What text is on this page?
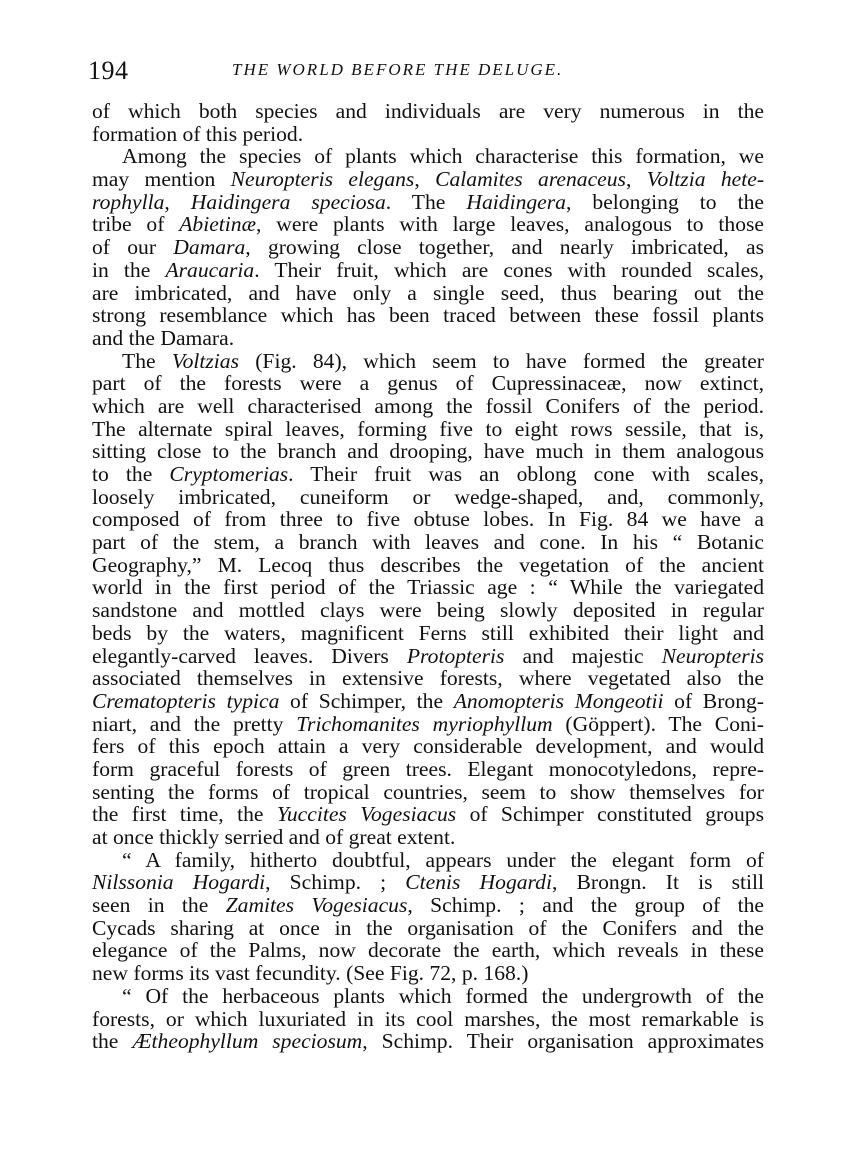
194	THE WORLD BEFORE THE DELUGE.
of which both species and individuals are very numerous in the
formation of this period.
Among the species of plants which characterise this formation, we
may mention Neuropteris elegans, Calamites arenaceus, Voltzia hete-
rophylla, Haidingera speciosa. The Haidingera, belonging to the
tribe of Abietinæ, were plants with large leaves, analogous to those
of our Damara, growing close together, and nearly imbricated, as
in the Araucaria. Their fruit, which are cones with rounded scales,
are imbricated, and have only a single seed, thus bearing out the
strong resemblance which has been traced between these fossil plants
and the Damara.
The Voltzias (Fig. 84), which seem to have formed the greater
part of the forests were a genus of Cupressinaceæ, now extinct,
which are well characterised among the fossil Conifers of the period.
The alternate spiral leaves, forming five to eight rows sessile, that is,
sitting close to the branch and drooping, have much in them analogous
to the Cryptomerias. Their fruit was an oblong cone with scales,
loosely imbricated, cuneiform or wedge-shaped, and, commonly,
composed of from three to five obtuse lobes. In Fig. 84 we have a
part of the stem, a branch with leaves and cone. In his “ Botanic
Geography,” M. Lecoq thus describes the vegetation of the ancient
world in the first period of the Triassic age : “ While the variegated
sandstone and mottled clays were being slowly deposited in regular
beds by the waters, magnificent Ferns still exhibited their light and
elegantly-carved leaves. Divers Protopteris and majestic Neuropteris
associated themselves in extensive forests, where vegetated also the
Crematopteris typica of Schimper, the Anomopteris Mongeotii of Brong-
niart, and the pretty Trichomanites myriophyllum (Göppert). The Coni-
fers of this epoch attain a very considerable development, and would
form graceful forests of green trees. Elegant monocotyledons, repre-
senting the forms of tropical countries, seem to show themselves for
the first time, the Yuccites Vogesiacus of Schimper constituted groups
at once thickly serried and of great extent.
“ A family, hitherto doubtful, appears under the elegant form of
Nilssonia Hogardi, Schimp. ; Ctenis Hogardi, Brongn. It is still
seen in the Zamites Vogesiacus, Schimp. ; and the group of the
Cycads sharing at once in the organisation of the Conifers and the
elegance of the Palms, now decorate the earth, which reveals in these
new forms its vast fecundity. (See Fig. 72, p. 168.)
“ Of the herbaceous plants which formed the undergrowth of the
forests, or which luxuriated in its cool marshes, the most remarkable is
the Ætheophyllum speciosum, Schimp. Their organisation approximates
